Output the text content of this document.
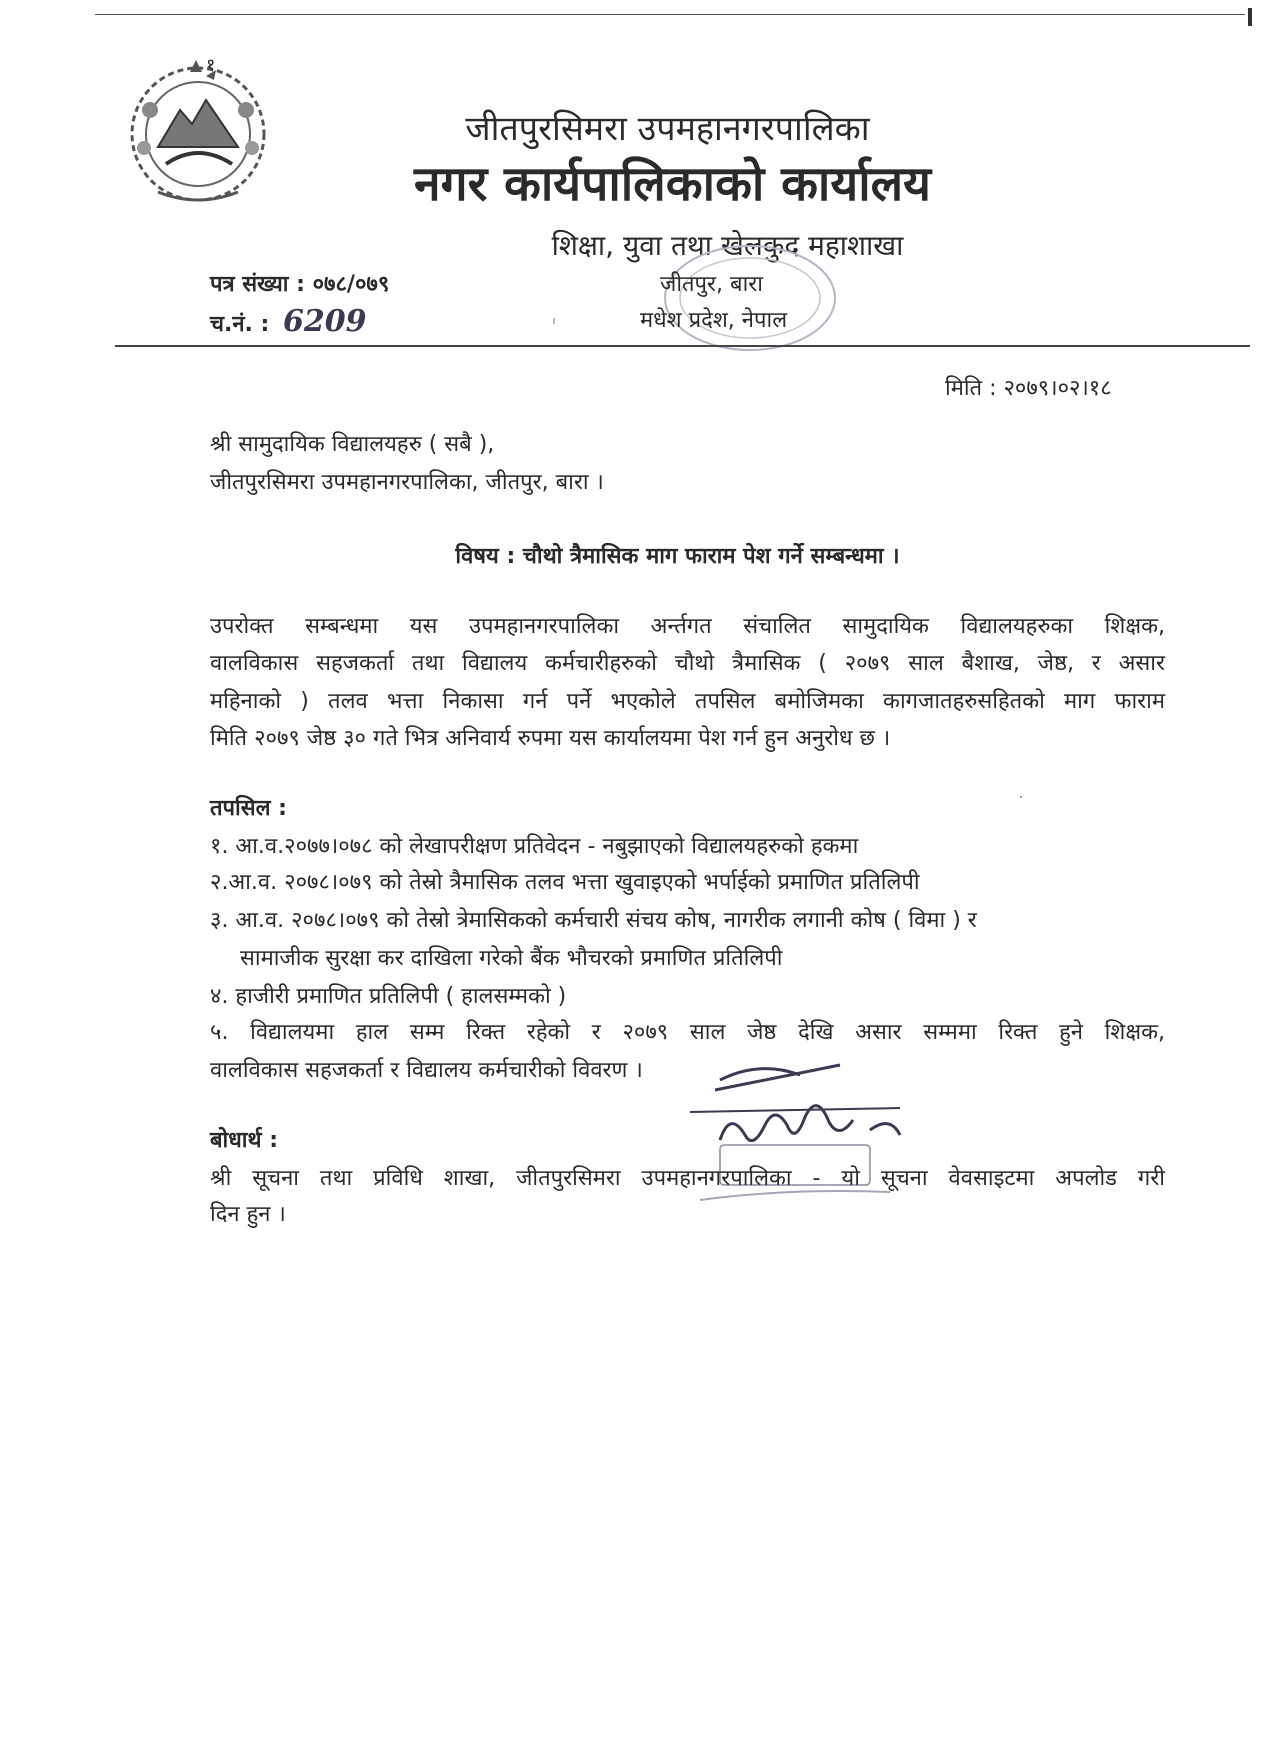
१
जीतपुरसिमरा उपमहानगरपालिका
नगर कार्यपालिकाको कार्यालय
शिक्षा, युवा तथा खेलकुद महाशाखा
पत्र संख्या : ०७८/०७९
च.नं. : 6209
जीतपुर, बारा
मधेश प्रदेश, नेपाल
मिति : २०७९।०२।१८
श्री सामुदायिक विद्यालयहरु ( सबै ),
जीतपुरसिमरा उपमहानगरपालिका, जीतपुर, बारा ।
विषय : चौथो त्रैमासिक माग फाराम पेश गर्ने सम्बन्धमा ।
उपरोक्त सम्बन्धमा यस उपमहानगरपालिका अर्न्तगत संचालित सामुदायिक विद्यालयहरुका शिक्षक,
वालविकास सहजकर्ता तथा विद्यालय कर्मचारीहरुको चौथो त्रैमासिक ( २०७९ साल बैशाख, जेष्ठ, र असार
महिनाको ) तलव भत्ता निकासा गर्न पर्ने भएकोले तपसिल बमोजिमका कागजातहरुसहितको माग फाराम
मिति २०७९ जेष्ठ ३० गते भित्र अनिवार्य रुपमा यस कार्यालयमा पेश गर्न हुन अनुरोध छ ।
तपसिल :
१. आ.व.२०७७।०७८ को लेखापरीक्षण प्रतिवेदन - नबुझाएको विद्यालयहरुको हकमा
२.आ.व. २०७८।०७९ को तेस्रो त्रैमासिक तलव भत्ता खुवाइएको भर्पाईको प्रमाणित प्रतिलिपी
३. आ.व. २०७८।०७९ को तेस्रो त्रेमासिकको कर्मचारी संचय कोष, नागरीक लगानी कोष ( विमा ) र
सामाजीक सुरक्षा कर दाखिला गरेको बैंक भौचरको प्रमाणित प्रतिलिपी
४. हाजीरी प्रमाणित प्रतिलिपी ( हालसम्मको )
५. विद्यालयमा हाल सम्म रिक्त रहेको र २०७९ साल जेष्ठ देखि असार सम्ममा रिक्त हुने शिक्षक,
वालविकास सहजकर्ता र विद्यालय कर्मचारीको विवरण ।
बोधार्थ :
श्री सूचना तथा प्रविधि शाखा, जीतपुरसिमरा उपमहानगरपालिका - यो सूचना वेवसाइटमा अपलोड गरी
दिन हुन ।
